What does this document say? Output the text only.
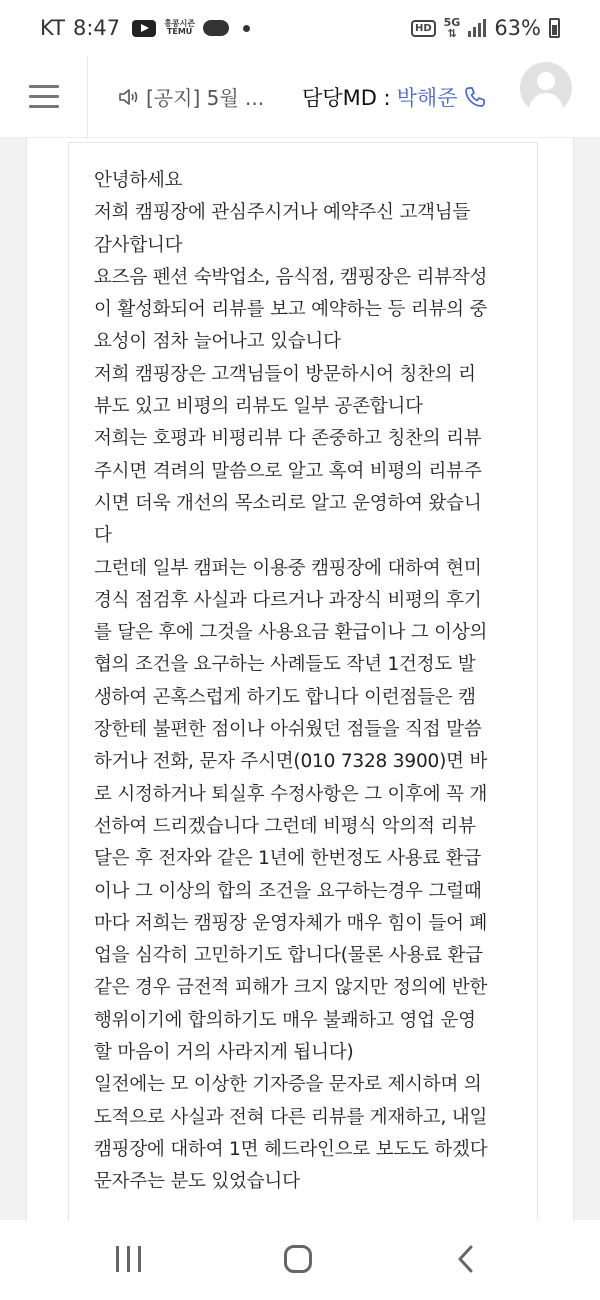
KT 8:47	홍콩시즌
TEMU	HD	5G
⇅ 63%
[공지] 5월 ... 담당MD : 박해준

안녕하세요

저희 캠핑장에 관심주시거나 예약주신 고객님들

감사합니다

요즈음 펜션 숙박업소, 음식점, 캠핑장은 리뷰작성

이 활성화되어 리뷰를 보고 예약하는 등 리뷰의 중

요성이 점차 늘어나고 있습니다

저희 캠핑장은 고객님들이 방문하시어 칭찬의 리

뷰도 있고 비평의 리뷰도 일부 공존합니다

저희는 호평과 비평리뷰 다 존중하고 칭찬의 리뷰

주시면 격려의 말씀으로 알고 혹여 비평의 리뷰주

시면 더욱 개선의 목소리로 알고 운영하여 왔습니

다

그런데 일부 캠퍼는 이용중 캠핑장에 대하여 현미

경식 점검후 사실과 다르거나 과장식 비평의 후기

를 달은 후에 그것을 사용요금 환급이나 그 이상의

협의 조건을 요구하는 사례들도 작년 1건정도 발

생하여 곤혹스럽게 하기도 합니다 이런점들은 캠

장한테 불편한 점이나 아쉬웠던 점들을 직접 말씀

하거나 전화, 문자 주시면(010 7328 3900)면 바

로 시정하거나 퇴실후 수정사항은 그 이후에 꼭 개

선하여 드리겠습니다 그런데 비평식 악의적 리뷰

달은 후 전자와 같은 1년에 한번정도 사용료 환급

이나 그 이상의 합의 조건을 요구하는경우 그럴때

마다 저희는 캠핑장 운영자체가 매우 힘이 들어 폐

업을 심각히 고민하기도 합니다(물론 사용료 환급

같은 경우 금전적 피해가 크지 않지만 정의에 반한

행위이기에 합의하기도 매우 불쾌하고 영업 운영

할 마음이 거의 사라지게 됩니다)

일전에는 모 이상한 기자증을 문자로 제시하며 의

도적으로 사실과 전혀 다른 리뷰를 게재하고, 내일

캠핑장에 대하여 1면 헤드라인으로 보도도 하겠다

문자주는 분도 있었습니다
